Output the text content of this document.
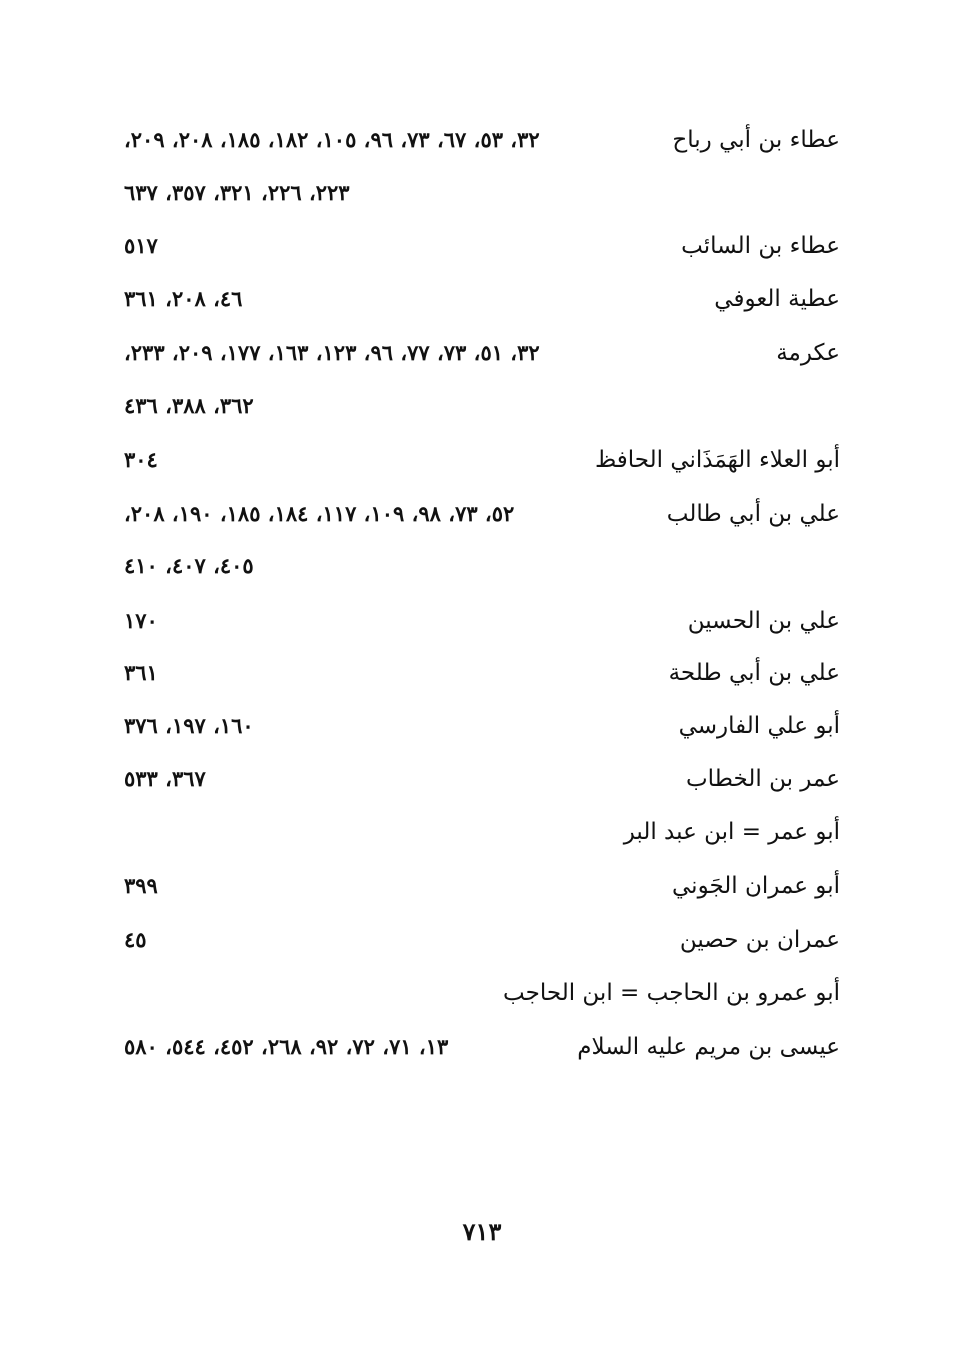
عطاء بن أبي رباح
٣٢، ٥٣، ٦٧، ٧٣، ٩٦، ١٠٥، ١٨٢، ١٨٥، ٢٠٨، ٢٠٩،
٢٢٣، ٢٢٦، ٣٢١، ٣٥٧، ٦٣٧
عطاء بن السائب
٥١٧
عطية العوفي
٤٦، ٢٠٨، ٣٦١
عكرمة
٣٢، ٥١، ٧٣، ٧٧، ٩٦، ١٢٣، ١٦٣، ١٧٧، ٢٠٩، ٢٣٣،
٣٦٢، ٣٨٨، ٤٣٦
أبو العلاء الهَمَذَاني الحافظ
٣٠٤
علي بن أبي طالب
٥٢، ٧٣، ٩٨، ١٠٩، ١١٧، ١٨٤، ١٨٥، ١٩٠، ٢٠٨،
٤٠٥، ٤٠٧، ٤١٠
علي بن الحسين
١٧٠
علي بن أبي طلحة
٣٦١
أبو علي الفارسي
١٦٠، ١٩٧، ٣٧٦
عمر بن الخطاب
٣٦٧، ٥٣٣
أبو عمر = ابن عبد البر
أبو عمران الجَوني
٣٩٩
عمران بن حصين
٤٥
أبو عمرو بن الحاجب = ابن الحاجب
عيسى بن مريم عليه السلام
١٣، ٧١، ٧٢، ٩٢، ٢٦٨، ٤٥٢، ٥٤٤، ٥٨٠
٧١٣
